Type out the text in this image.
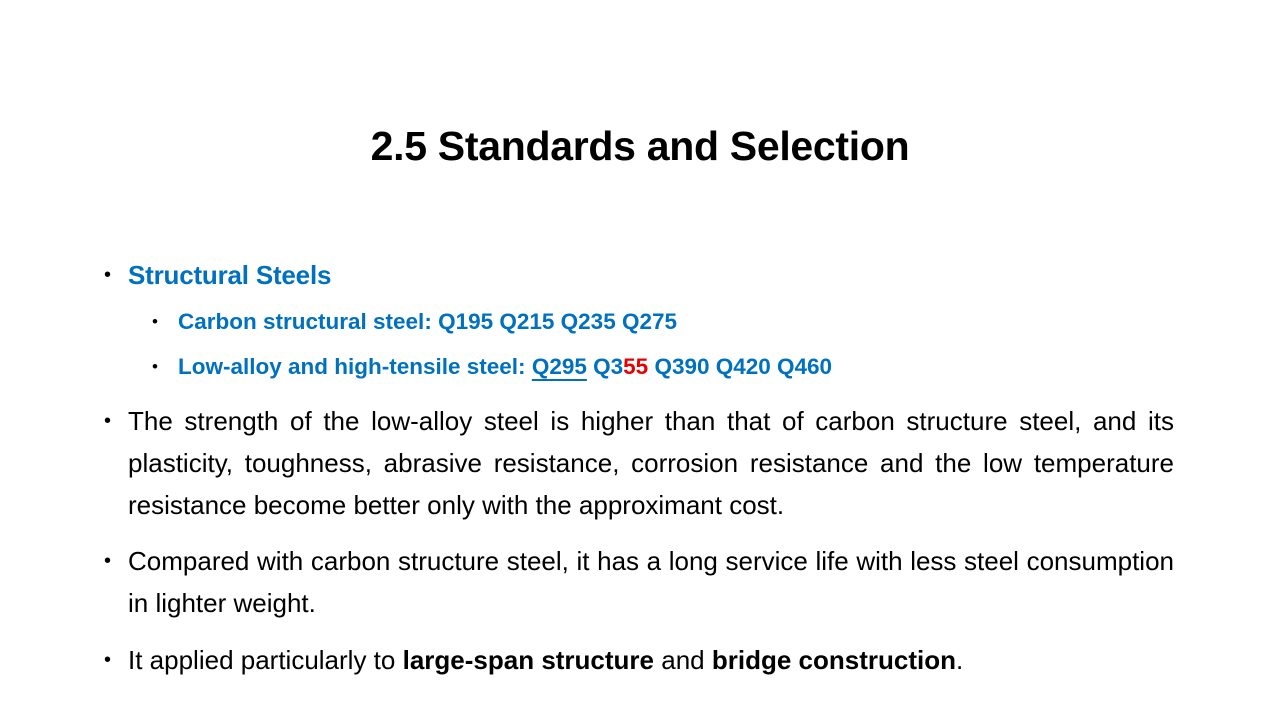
2.5 Standards and Selection
• Structural Steels
• Carbon structural steel: Q195 Q215 Q235 Q275
• Low-alloy and high-tensile steel: Q295 Q355 Q390 Q420 Q460
• The strength of the low-alloy steel is higher than that of carbon structure steel, and its plasticity, toughness, abrasive resistance, corrosion resistance and the low temperature resistance become better only with the approximant cost.
• Compared with carbon structure steel, it has a long service life with less steel consumption in lighter weight.
• It applied particularly to large-span structure and bridge construction.
